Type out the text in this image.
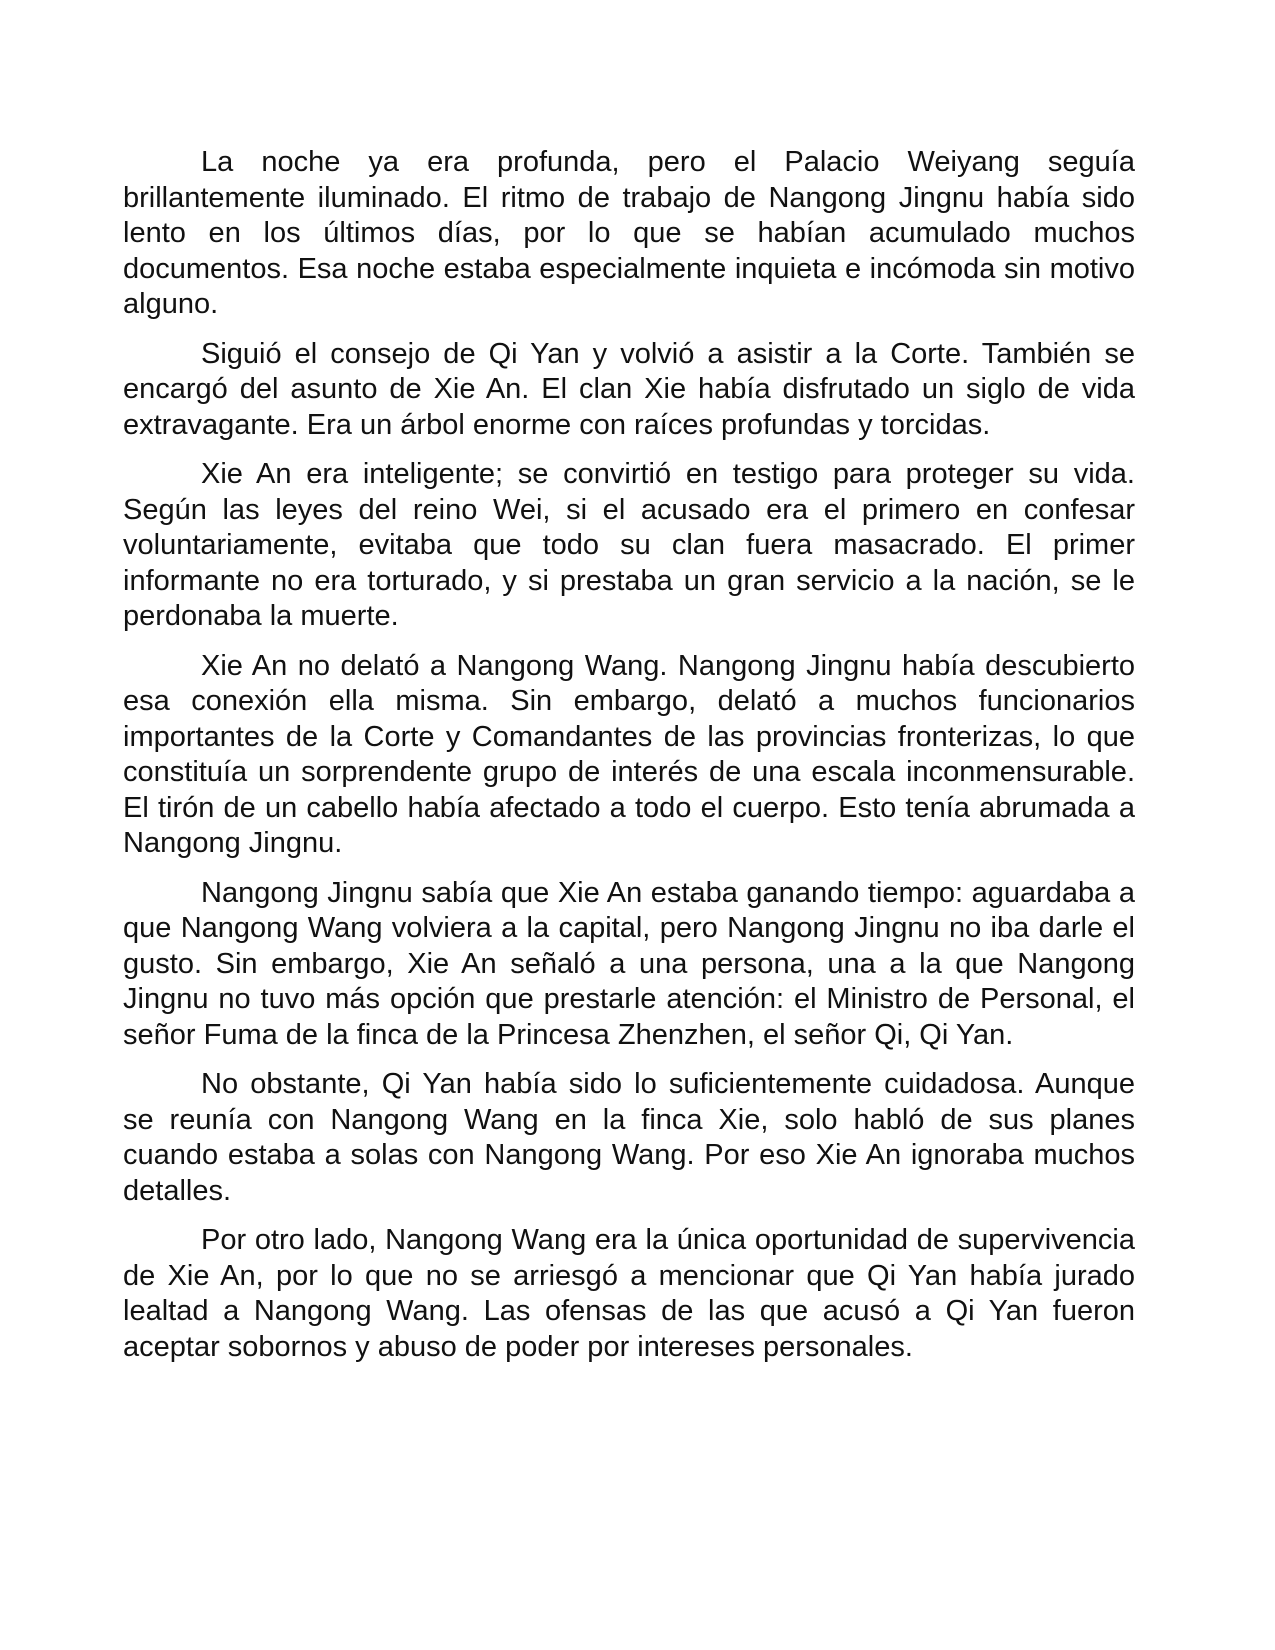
La noche ya era profunda, pero el Palacio Weiyang seguía brillantemente iluminado. El ritmo de trabajo de Nangong Jingnu había sido lento en los últimos días, por lo que se habían acumulado muchos documentos. Esa noche estaba especialmente inquieta e incómoda sin motivo alguno.

Siguió el consejo de Qi Yan y volvió a asistir a la Corte. También se encargó del asunto de Xie An. El clan Xie había disfrutado un siglo de vida extravagante. Era un árbol enorme con raíces profundas y torcidas.

Xie An era inteligente; se convirtió en testigo para proteger su vida. Según las leyes del reino Wei, si el acusado era el primero en confesar voluntariamente, evitaba que todo su clan fuera masacrado. El primer informante no era torturado, y si prestaba un gran servicio a la nación, se le perdonaba la muerte.

Xie An no delató a Nangong Wang. Nangong Jingnu había descubierto esa conexión ella misma. Sin embargo, delató a muchos funcionarios importantes de la Corte y Comandantes de las provincias fronterizas, lo que constituía un sorprendente grupo de interés de una escala inconmensurable. El tirón de un cabello había afectado a todo el cuerpo. Esto tenía abrumada a Nangong Jingnu.

Nangong Jingnu sabía que Xie An estaba ganando tiempo: aguardaba a que Nangong Wang volviera a la capital, pero Nangong Jingnu no iba darle el gusto. Sin embargo, Xie An señaló a una persona, una a la que Nangong Jingnu no tuvo más opción que prestarle atención: el Ministro de Personal, el señor Fuma de la finca de la Princesa Zhenzhen, el señor Qi, Qi Yan.

No obstante, Qi Yan había sido lo suficientemente cuidadosa. Aunque se reunía con Nangong Wang en la finca Xie, solo habló de sus planes cuando estaba a solas con Nangong Wang. Por eso Xie An ignoraba muchos detalles.

Por otro lado, Nangong Wang era la única oportunidad de supervivencia de Xie An, por lo que no se arriesgó a mencionar que Qi Yan había jurado lealtad a Nangong Wang. Las ofensas de las que acusó a Qi Yan fueron aceptar sobornos y abuso de poder por intereses personales.
